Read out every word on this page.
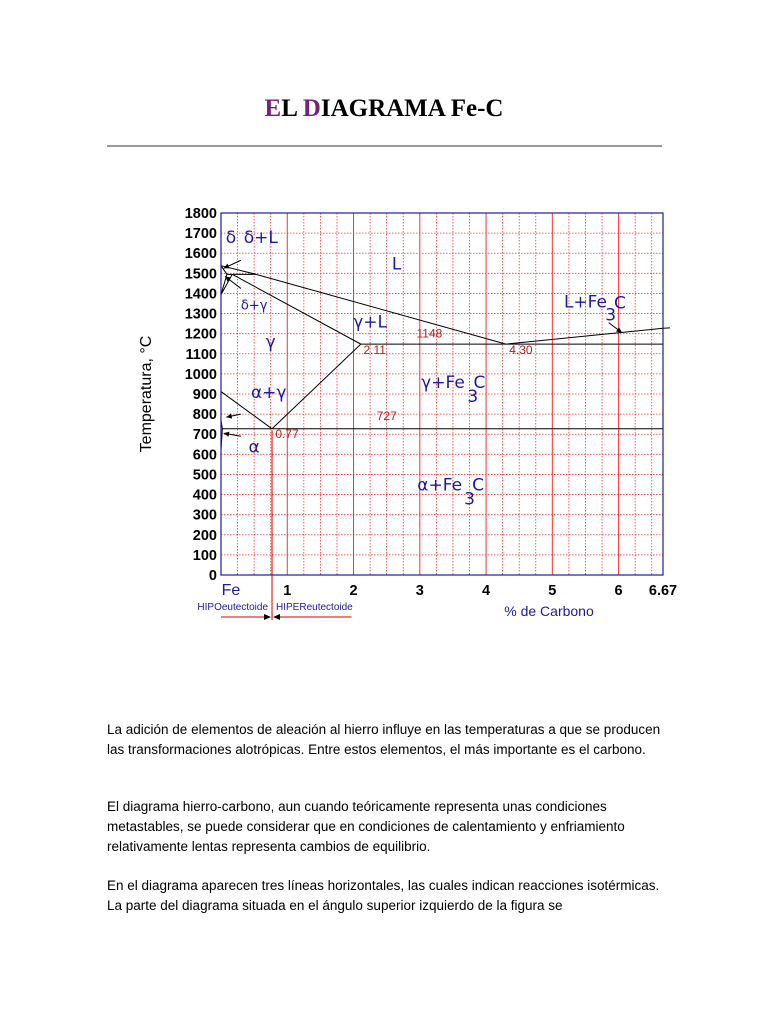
EL DIAGRAMA Fe-C
1800
1700
1600
1500
1400
1300
1200
1100
1000
900
800
700
600
500
400
300
200
100
0
Fe	1	2	3	4	5	6 6.67
δ δ+L
L
δ+γ
γ
γ+L
L+Fe C
3
γ+Fe C
3
α+γ
α
α+Fe C
3
1148
2.11	4.30
727
0.77
Temperatura, °C
% de Carbono
HIPOeutectoide HIPEReutectoide

La adición de elementos de aleación al hierro influye en las temperaturas a que se producen las transformaciones alotrópicas. Entre estos elementos, el más importante es el carbono.

El diagrama hierro-carbono, aun cuando teóricamente representa unas condiciones metastables, se puede considerar que en condiciones de calentamiento y enfriamiento relativamente lentas representa cambios de equilibrio.

En el diagrama aparecen tres líneas horizontales, las cuales indican reacciones isotérmicas. La parte del diagrama situada en el ángulo superior izquierdo de la figura se
